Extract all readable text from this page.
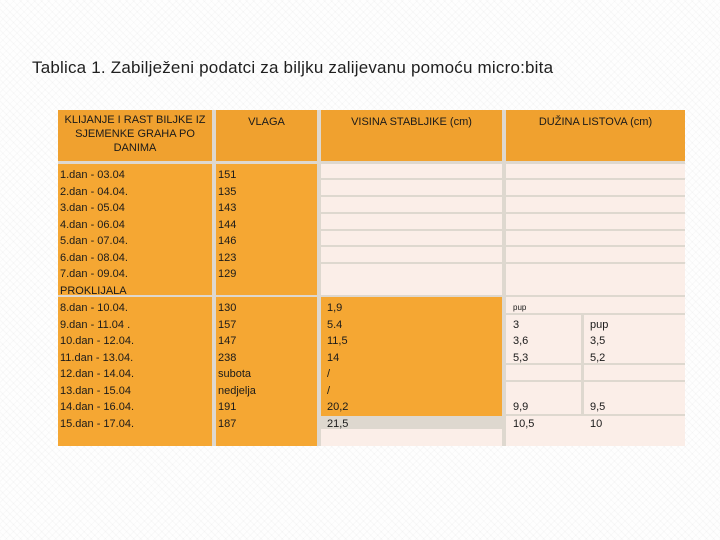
Tablica 1. Zabilježeni podatci za biljku zalijevanu pomoću micro:bita
KLIJANJE I RAST BILJKE IZ SJEMENKE GRAHA PO DANIMA
1.dan - 03.04
2.dan - 04.04.
3.dan - 05.04
4.dan - 06.04
5.dan - 07.04.
6.dan - 08.04.
7.dan - 09.04.
PROKLIJALA
8.dan - 10.04.
9.dan - 11.04 .
10.dan - 12.04.
11.dan - 13.04.
12.dan - 14.04.
13.dan - 15.04
14.dan - 16.04.
15.dan - 17.04.
VLAGA
151
135
143
144
146
123
129
130
157
147
238
subota
nedjelja
191
187
VISINA STABLJIKE (cm)
1,9
5.4
11,5
14
/
/
20,2
21,5
DUŽINA LISTOVA (cm)
pup
3
3,6
5,3

9,9
10,5

pup
3,5
5,2

9,5
10
